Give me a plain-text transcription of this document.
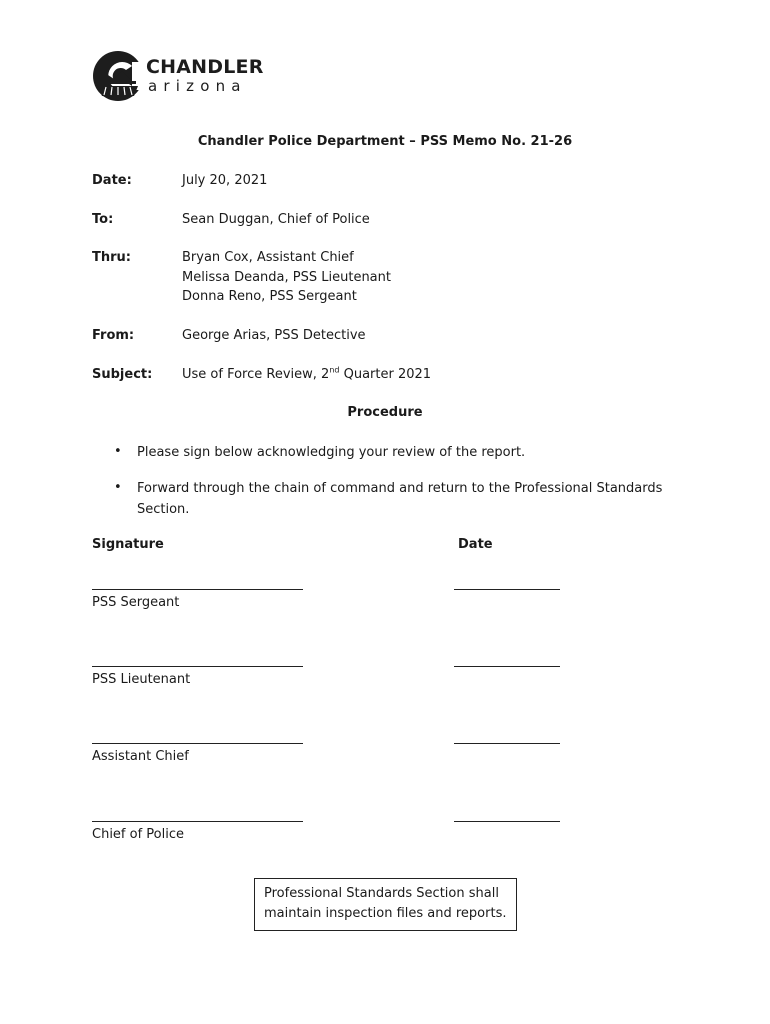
CHANDLER
arizona
Chandler Police Department – PSS Memo No. 21-26
Date:	July 20, 2021
To:	Sean Duggan, Chief of Police
Thru:	Bryan Cox, Assistant Chief
Melissa Deanda, PSS Lieutenant
Donna Reno, PSS Sergeant
From:	George Arias, PSS Detective
Subject: Use of Force Review, 2nd Quarter 2021
Procedure
• Please sign below acknowledging your review of the report.
• Forward through the chain of command and return to the Professional Standards Section.
Signature	Date
PSS Sergeant
PSS Lieutenant
Assistant Chief
Chief of Police
Professional Standards Section shall maintain inspection files and reports.
